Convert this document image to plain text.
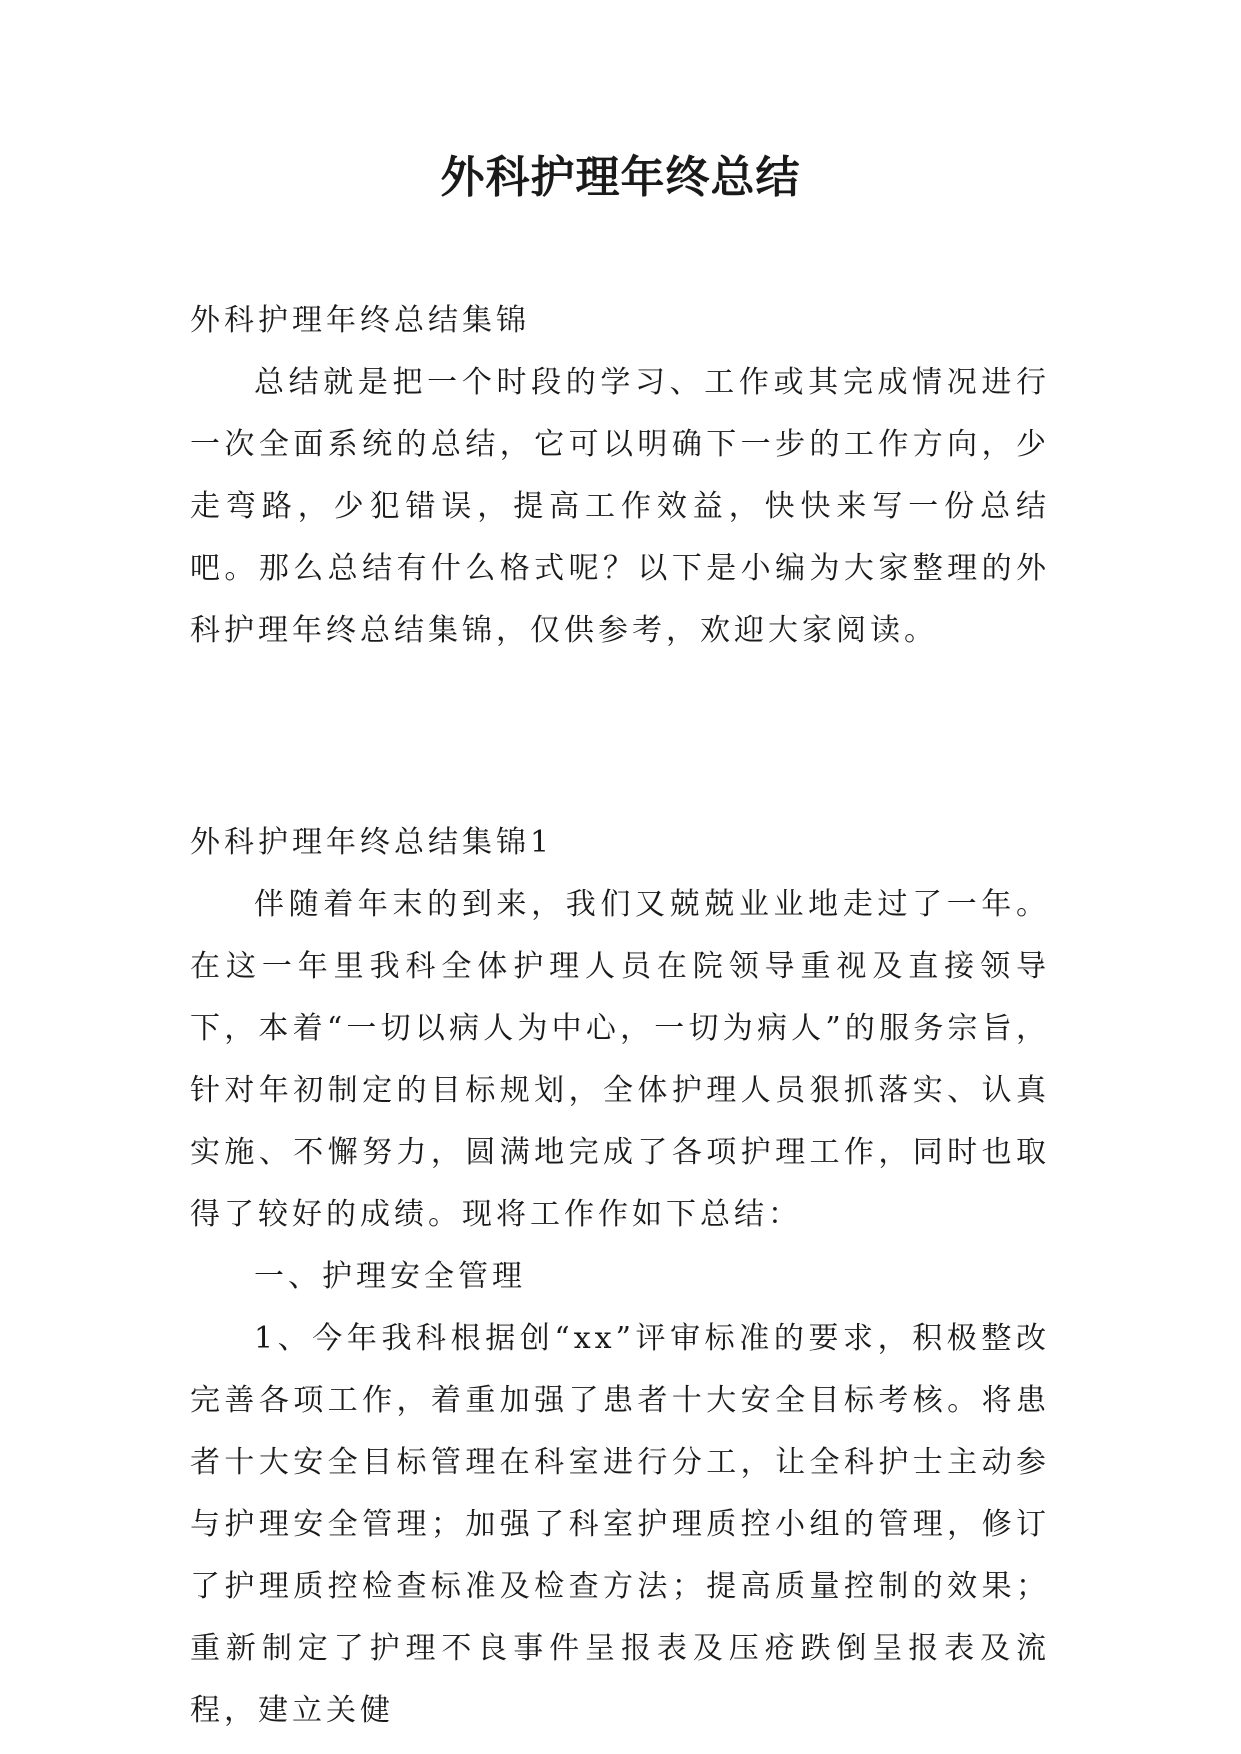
外科护理年终总结

外科护理年终总结集锦

总结就是把一个时段的学习、工作或其完成情况进行一次全面系统的总结，它可以明确下一步的工作方向，少走弯路，少犯错误，提高工作效益，快快来写一份总结吧。那么总结有什么格式呢？以下是小编为大家整理的外科护理年终总结集锦，仅供参考，欢迎大家阅读。

外科护理年终总结集锦1

伴随着年末的到来，我们又兢兢业业地走过了一年。在这一年里我科全体护理人员在院领导重视及直接领导下，本着“一切以病人为中心，一切为病人”的服务宗旨，针对年初制定的目标规划，全体护理人员狠抓落实、认真实施、不懈努力，圆满地完成了各项护理工作，同时也取得了较好的成绩。现将工作作如下总结：

一、护理安全管理

1、今年我科根据创“xx”评审标准的要求，积极整改完善各项工作，着重加强了患者十大安全目标考核。将患者十大安全目标管理在科室进行分工，让全科护士主动参与护理安全管理；加强了科室护理质控小组的管理，修订了护理质控检查标准及检查方法；提高质量控制的效果；重新制定了护理不良事件呈报表及压疮跌倒呈报表及流程，建立关健
